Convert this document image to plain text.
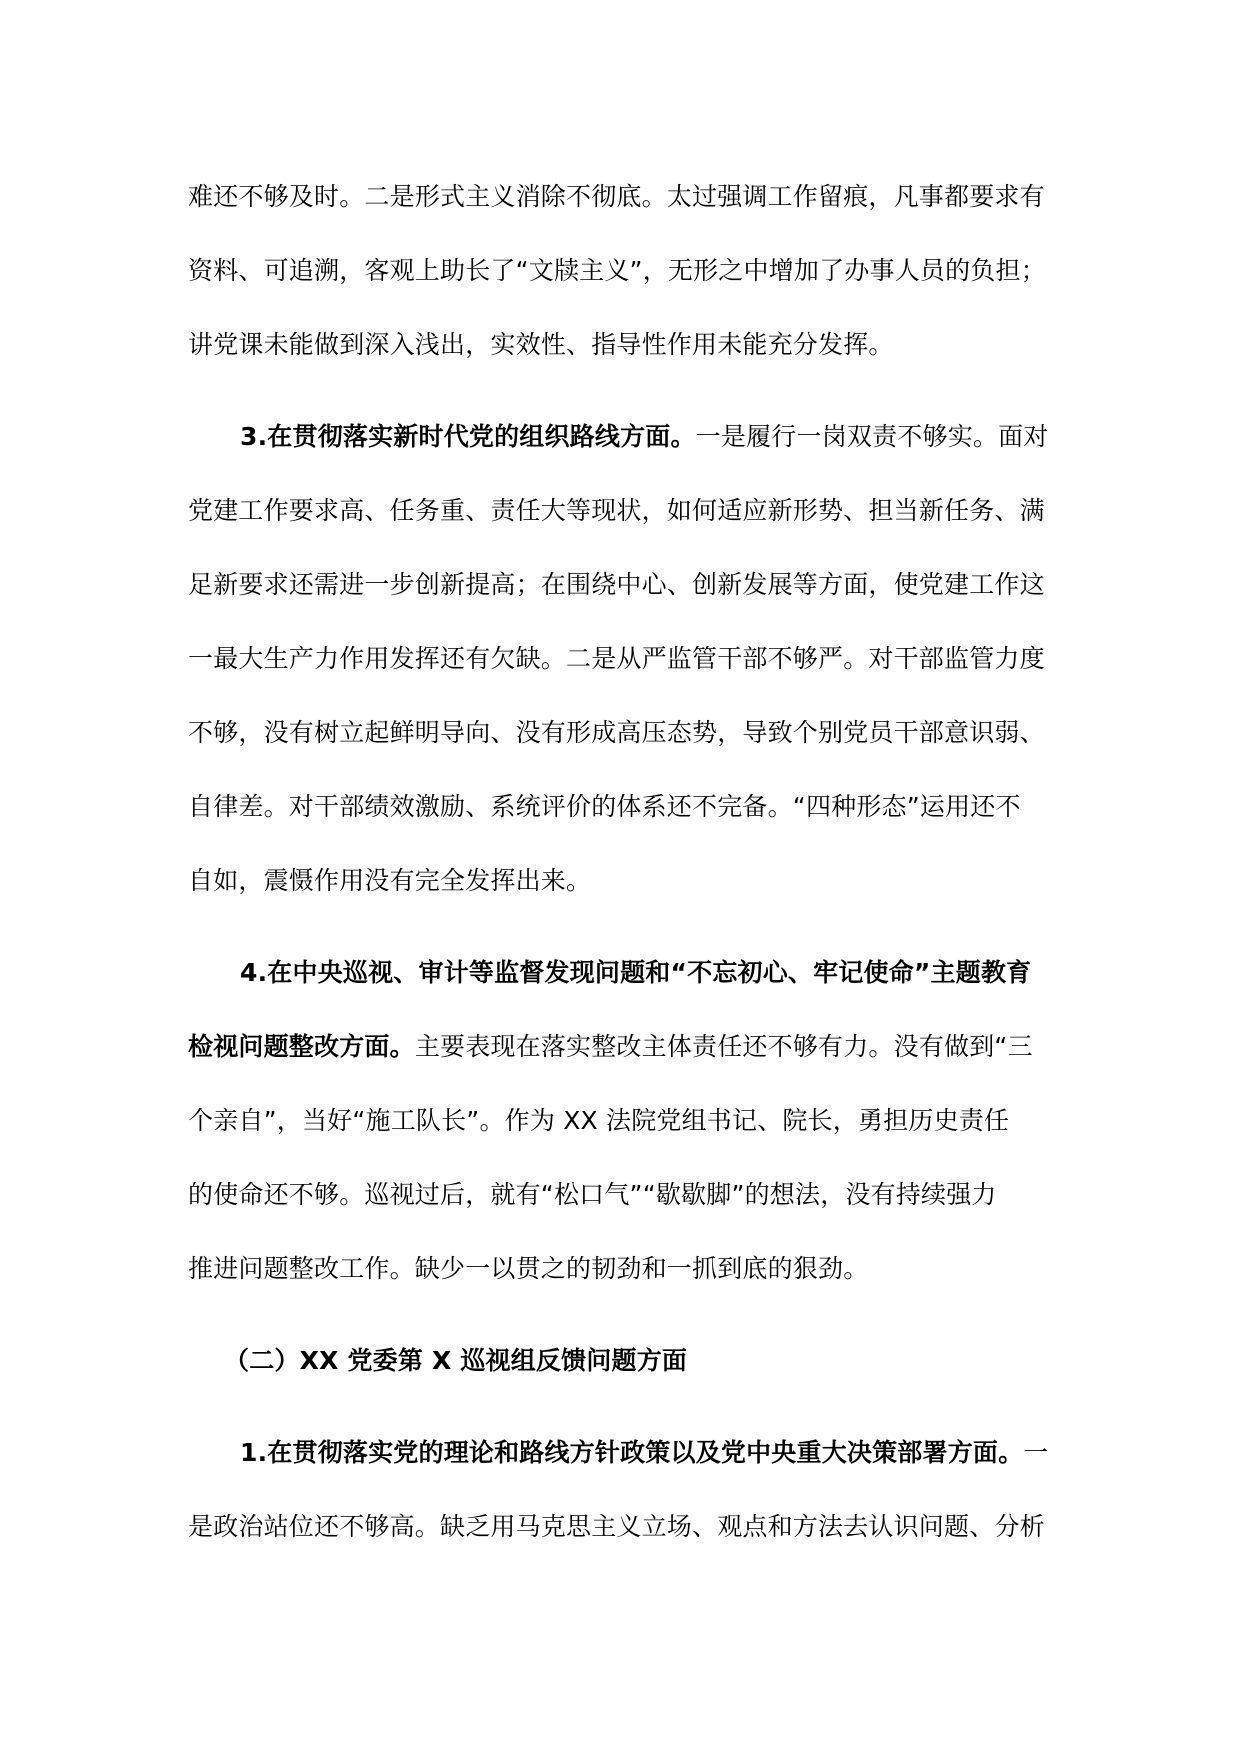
难还不够及时。二是形式主义消除不彻底。太过强调工作留痕，凡事都要求有
资料、可追溯，客观上助长了“文牍主义”，无形之中增加了办事人员的负担；
讲党课未能做到深入浅出，实效性、指导性作用未能充分发挥。
3.在贯彻落实新时代党的组织路线方面。一是履行一岗双责不够实。面对
党建工作要求高、任务重、责任大等现状，如何适应新形势、担当新任务、满
足新要求还需进一步创新提高；在围绕中心、创新发展等方面，使党建工作这
一最大生产力作用发挥还有欠缺。二是从严监管干部不够严。对干部监管力度
不够，没有树立起鲜明导向、没有形成高压态势，导致个别党员干部意识弱、
自律差。对干部绩效激励、系统评价的体系还不完备。“四种形态”运用还不
自如，震慑作用没有完全发挥出来。
4.在中央巡视、审计等监督发现问题和“不忘初心、牢记使命”主题教育
检视问题整改方面。主要表现在落实整改主体责任还不够有力。没有做到“三
个亲自”，当好“施工队长”。作为 XX 法院党组书记、院长，勇担历史责任
的使命还不够。巡视过后，就有“松口气”“歇歇脚”的想法，没有持续强力
推进问题整改工作。缺少一以贯之的韧劲和一抓到底的狠劲。
（二）XX 党委第 X 巡视组反馈问题方面
1.在贯彻落实党的理论和路线方针政策以及党中央重大决策部署方面。一
是政治站位还不够高。缺乏用马克思主义立场、观点和方法去认识问题、分析
